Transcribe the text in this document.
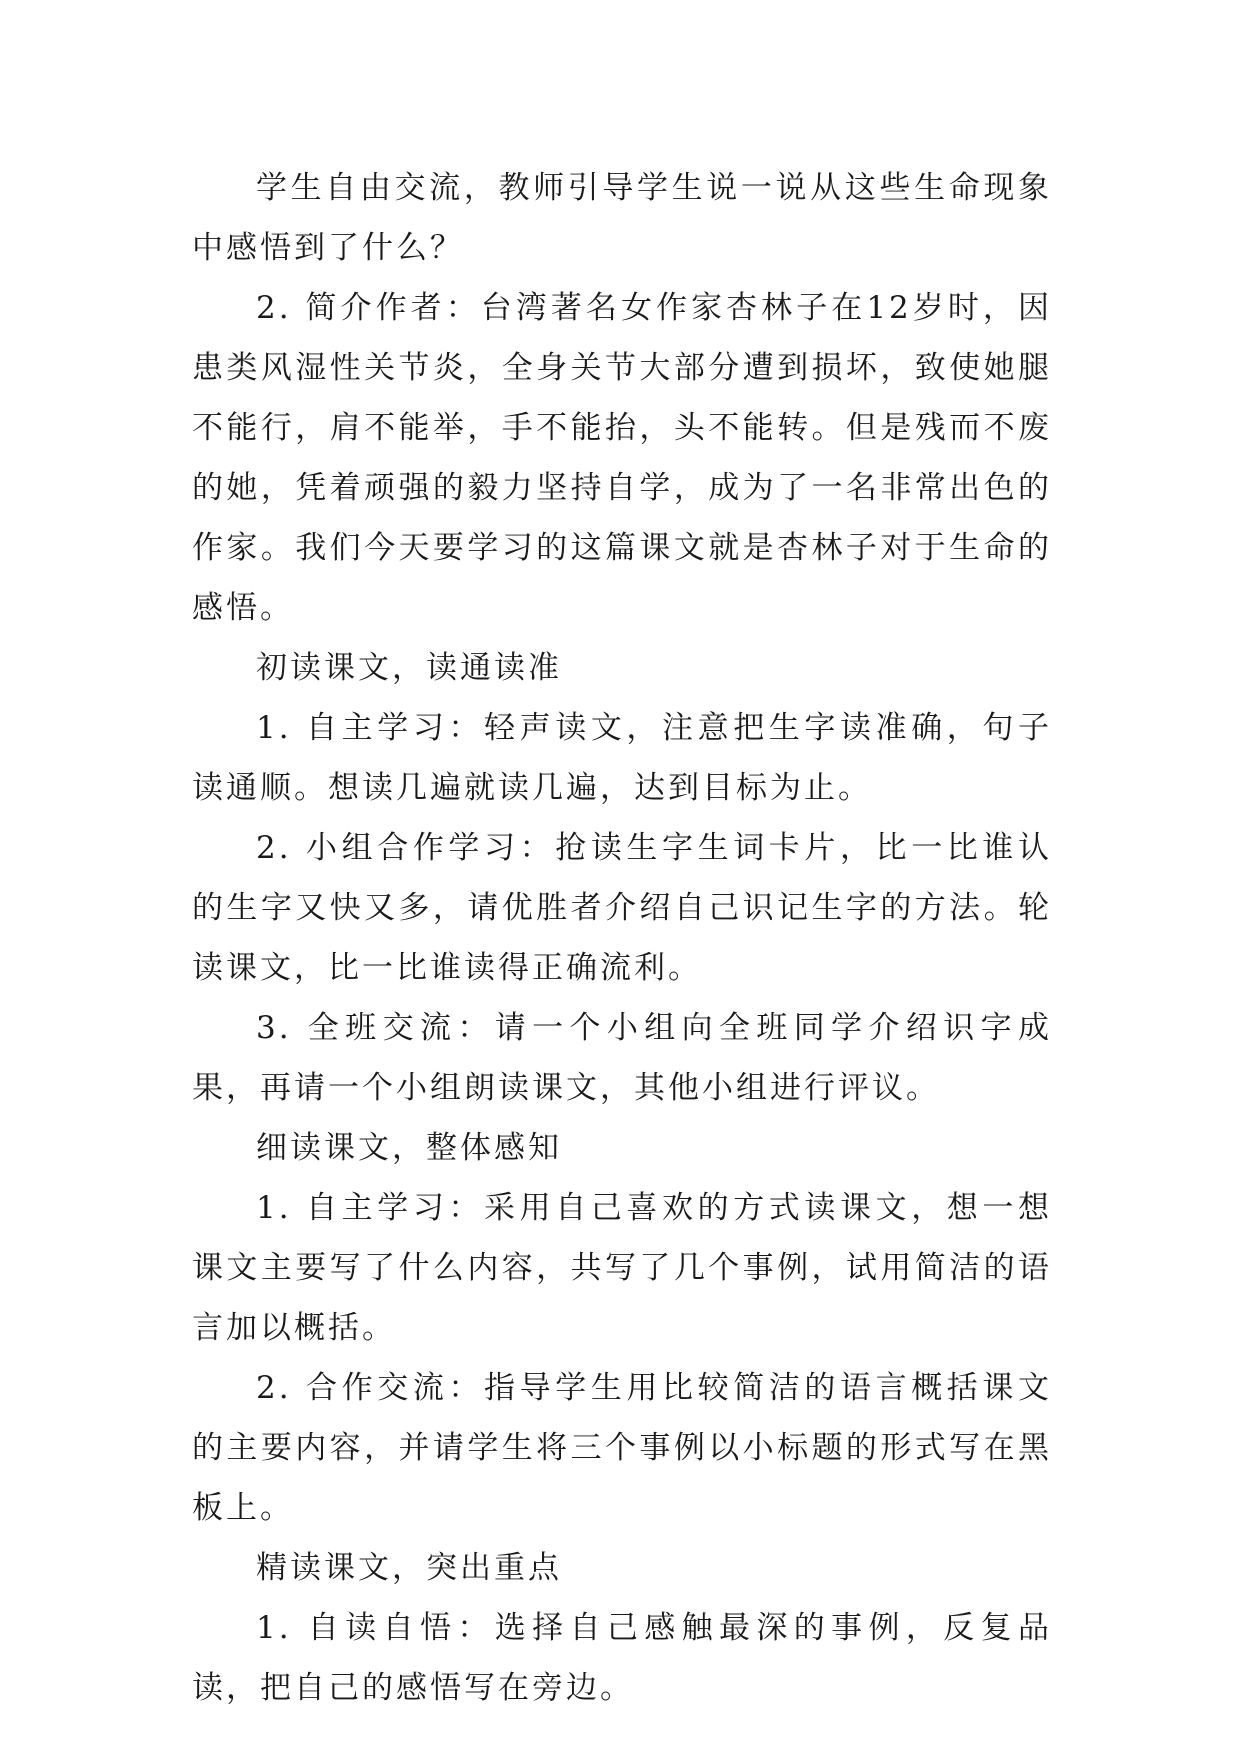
学生自由交流，教师引导学生说一说从这些生命现象中感悟到了什么？

2. 简介作者：台湾著名女作家杏林子在12岁时，因患类风湿性关节炎，全身关节大部分遭到损坏，致使她腿不能行，肩不能举，手不能抬，头不能转。但是残而不废的她，凭着顽强的毅力坚持自学，成为了一名非常出色的作家。我们今天要学习的这篇课文就是杏林子对于生命的感悟。

初读课文，读通读准

1. 自主学习：轻声读文，注意把生字读准确，句子读通顺。想读几遍就读几遍，达到目标为止。

2. 小组合作学习：抢读生字生词卡片，比一比谁认的生字又快又多，请优胜者介绍自己识记生字的方法。轮读课文，比一比谁读得正确流利。

3. 全班交流：请一个小组向全班同学介绍识字成果，再请一个小组朗读课文，其他小组进行评议。

细读课文，整体感知

1. 自主学习：采用自己喜欢的方式读课文，想一想课文主要写了什么内容，共写了几个事例，试用简洁的语言加以概括。

2. 合作交流：指导学生用比较简洁的语言概括课文的主要内容，并请学生将三个事例以小标题的形式写在黑板上。

精读课文，突出重点

1. 自读自悟：选择自己感触最深的事例，反复品读，把自己的感悟写在旁边。
